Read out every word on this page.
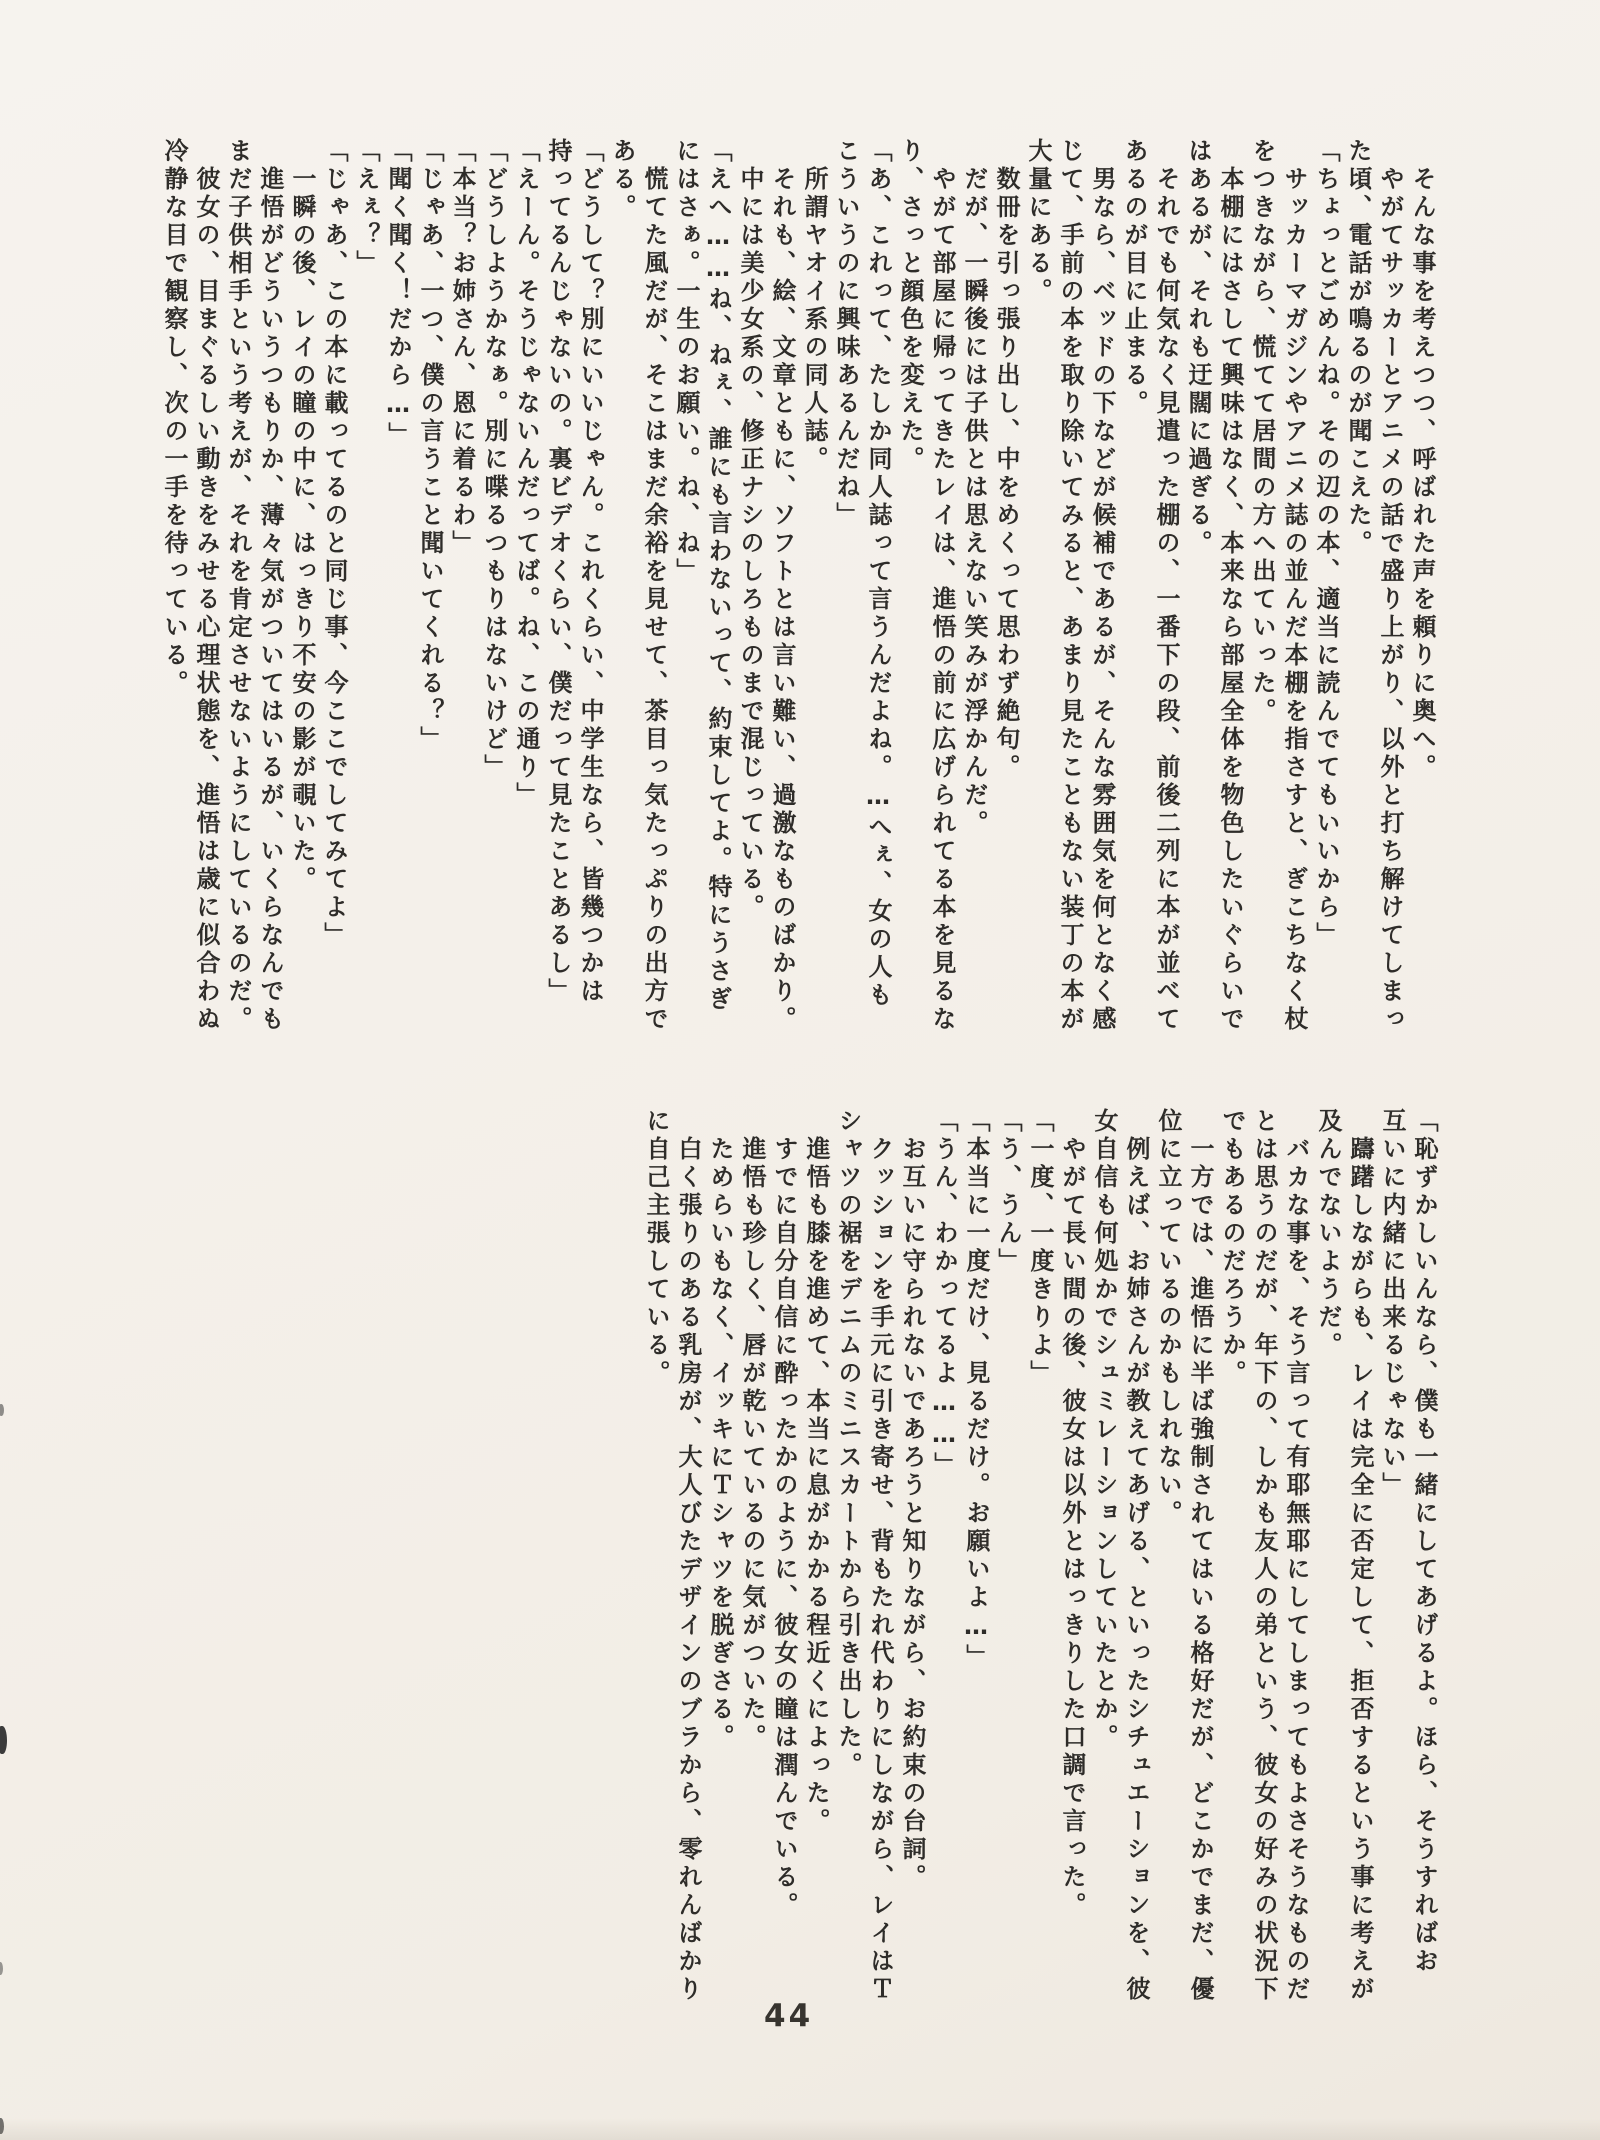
　そんな事を考えつつ、呼ばれた声を頼りに奥へ。
　やがてサッカーとアニメの話で盛り上がり、以外と打ち解けてしまっ
た頃、電話が鳴るのが聞こえた。
「ちょっとごめんね。その辺の本、適当に読んでてもいいから」
　サッカーマガジンやアニメ誌の並んだ本棚を指さすと、ぎこちなく杖
をつきながら、慌てて居間の方へ出ていった。
　本棚にはさして興味はなく、本来なら部屋全体を物色したいぐらいで
はあるが、それも迂闊に過ぎる。
　それでも何気なく見遣った棚の、一番下の段、前後二列に本が並べて
あるのが目に止まる。
　男なら、ベッドの下などが候補であるが、そんな雰囲気を何となく感
じて、手前の本を取り除いてみると、あまり見たこともない装丁の本が
大量にある。
　数冊を引っ張り出し、中をめくって思わず絶句。
　だが、一瞬後には子供とは思えない笑みが浮かんだ。
　やがて部屋に帰ってきたレイは、進悟の前に広げられてる本を見るな
り、さっと顔色を変えた。
「あ、これって、たしか同人誌って言うんだよね。…へぇ、女の人も
こういうのに興味あるんだね」
　所謂ヤオイ系の同人誌。
　それも、絵、文章ともに、ソフトとは言い難い、過激なものばかり。
　中には美少女系の、修正ナシのしろものまで混じっている。
「えへ……ね、ねぇ、誰にも言わないって、約束してよ。特にうさぎ
にはさぁ。一生のお願い。ね、ね」
　慌てた風だが、そこはまだ余裕を見せて、茶目っ気たっぷりの出方で
ある。
「どうして？別にいいじゃん。これくらい、中学生なら、皆幾つかは
持ってるんじゃないの。裏ビデオくらい、僕だって見たことあるし」
「えーん。そうじゃないんだってば。ね、この通り」
「どうしようかなぁ。別に喋るつもりはないけど」
「本当？お姉さん、恩に着るわ」
「じゃあ、一つ、僕の言うこと聞いてくれる？」
「聞く聞く！だから…」
「えぇ？」
「じゃあ、この本に載ってるのと同じ事、今ここでしてみてよ」
　一瞬の後、レイの瞳の中に、はっきり不安の影が覗いた。
　進悟がどういうつもりか、薄々気がついてはいるが、いくらなんでも
まだ子供相手という考えが、それを肯定させないようにしているのだ。
　彼女の、目まぐるしい動きをみせる心理状態を、進悟は歳に似合わぬ
冷静な目で観察し、次の一手を待っている。
「恥ずかしいんなら、僕も一緒にしてあげるよ。ほら、そうすればお
互いに内緒に出来るじゃない」
　躊躇しながらも、レイは完全に否定して、拒否するという事に考えが
及んでないようだ。
　バカな事を、そう言って有耶無耶にしてしまってもよさそうなものだ
とは思うのだが、年下の、しかも友人の弟という、彼女の好みの状況下
でもあるのだろうか。
　一方では、進悟に半ば強制されてはいる格好だが、どこかでまだ、優
位に立っているのかもしれない。
　例えば、お姉さんが教えてあげる、といったシチュエーションを、彼
女自信も何処かでシュミレーションしていたとか。
　やがて長い間の後、彼女は以外とはっきりした口調で言った。
「一度、一度きりよ」
「う、うん」
「本当に一度だけ、見るだけ。お願いよ…」
「うん、わかってるよ……」
　お互いに守られないであろうと知りながら、お約束の台詞。
　クッションを手元に引き寄せ、背もたれ代わりにしながら、レイはＴ
シャツの裾をデニムのミニスカートから引き出した。
　進悟も膝を進めて、本当に息がかかる程近くによった。
　すでに自分自信に酔ったかのように、彼女の瞳は潤んでいる。
　進悟も珍しく、唇が乾いているのに気がついた。
　ためらいもなく、イッキにＴシャツを脱ぎさる。
　白く張りのある乳房が、大人びたデザインのブラから、零れんばかり
に自己主張している。
44
